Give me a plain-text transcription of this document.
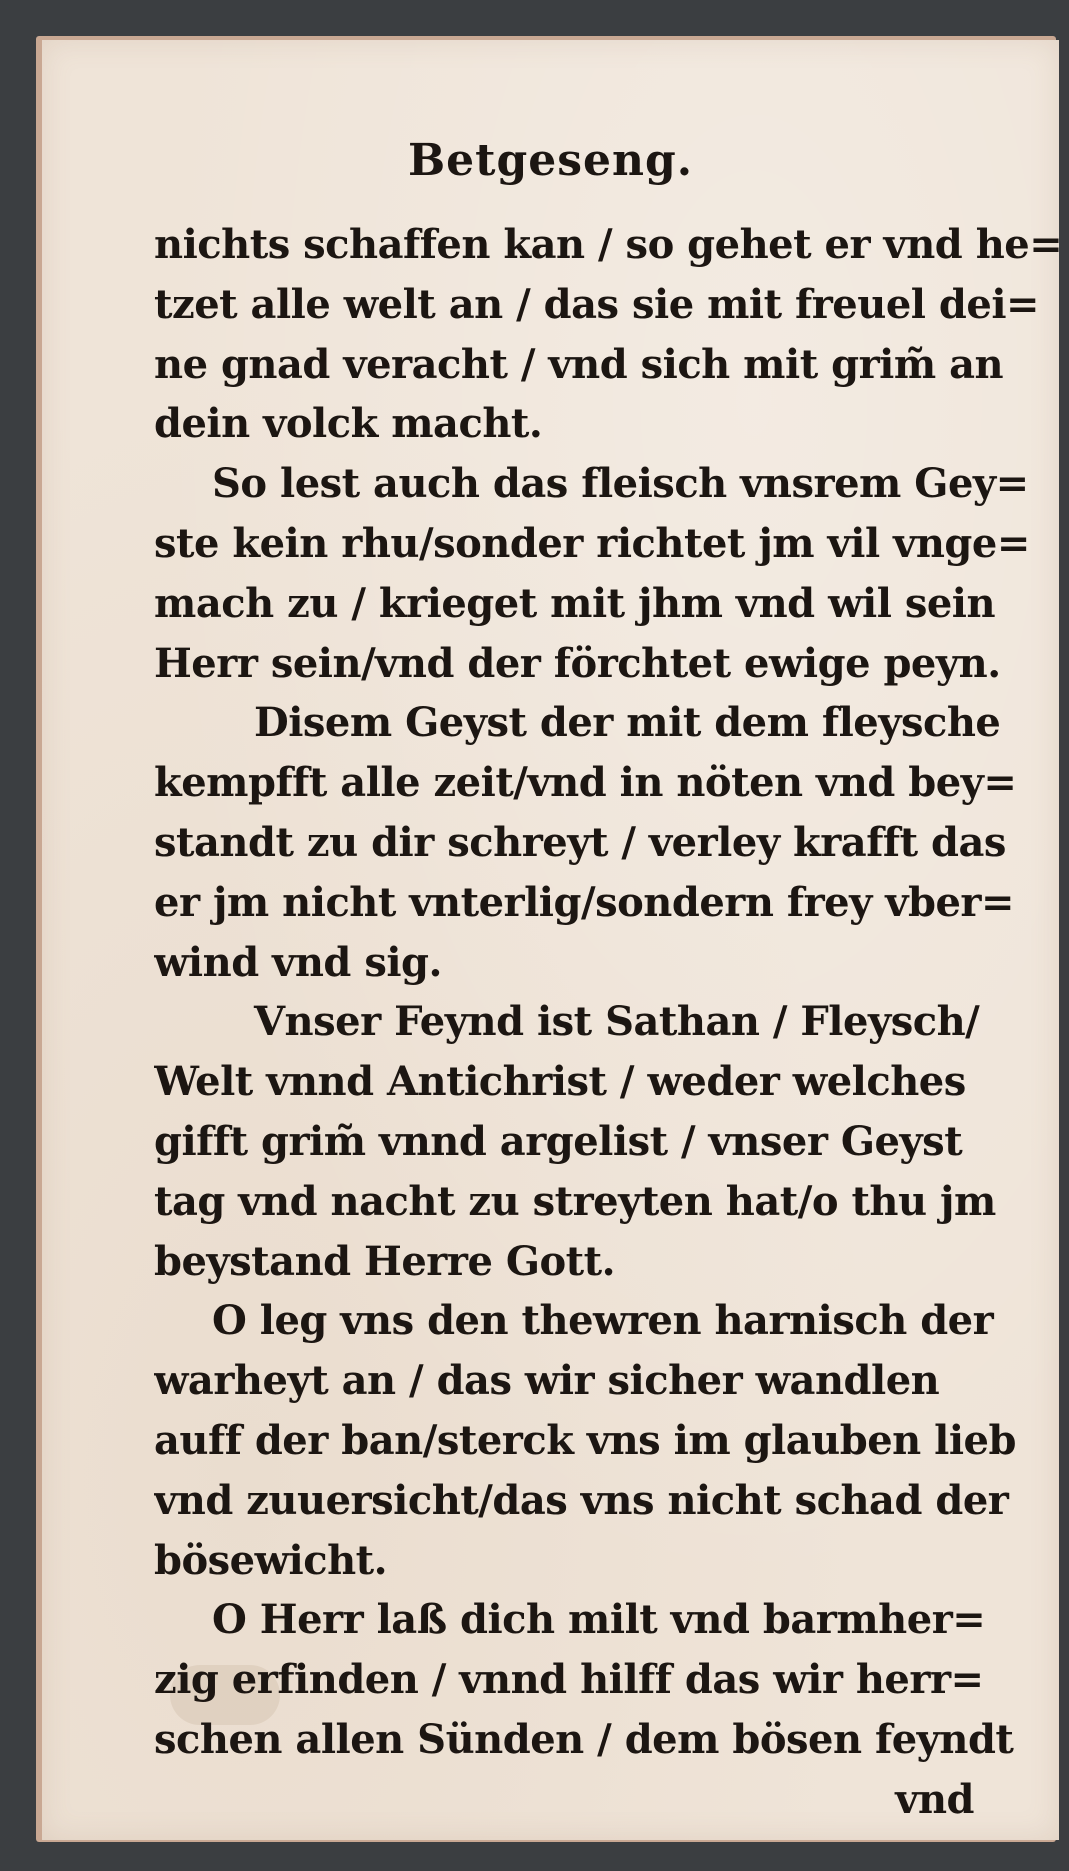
Betgeseng.
nichts schaffen kan / so gehet er vnd he=
tzet alle welt an / das sie mit freuel dei=
ne gnad veracht / vnd sich mit grim̃ an
dein volck macht.
So lest auch das fleisch vnsrem Gey=
ste kein rhu/sonder richtet jm vil vnge=
mach zu / krieget mit jhm vnd wil sein
Herr sein/vnd der förchtet ewige peyn.
Disem Geyst der mit dem fleysche
kempfft alle zeit/vnd in nöten vnd bey=
standt zu dir schreyt / verley krafft das
er jm nicht vnterlig/sondern frey vber=
wind vnd sig.
Vnser Feynd ist Sathan / Fleysch/
Welt vnnd Antichrist / weder welches
gifft grim̃ vnnd argelist / vnser Geyst
tag vnd nacht zu streyten hat/o thu jm
beystand Herre Gott.
O leg vns den thewren harnisch der
warheyt an / das wir sicher wandlen
auff der ban/sterck vns im glauben lieb
vnd zuuersicht/das vns nicht schad der
bösewicht.
O Herr laß dich milt vnd barmher=
zig erfinden / vnnd hilff das wir herr=
schen allen Sünden / dem bösen feyndt
vnd
